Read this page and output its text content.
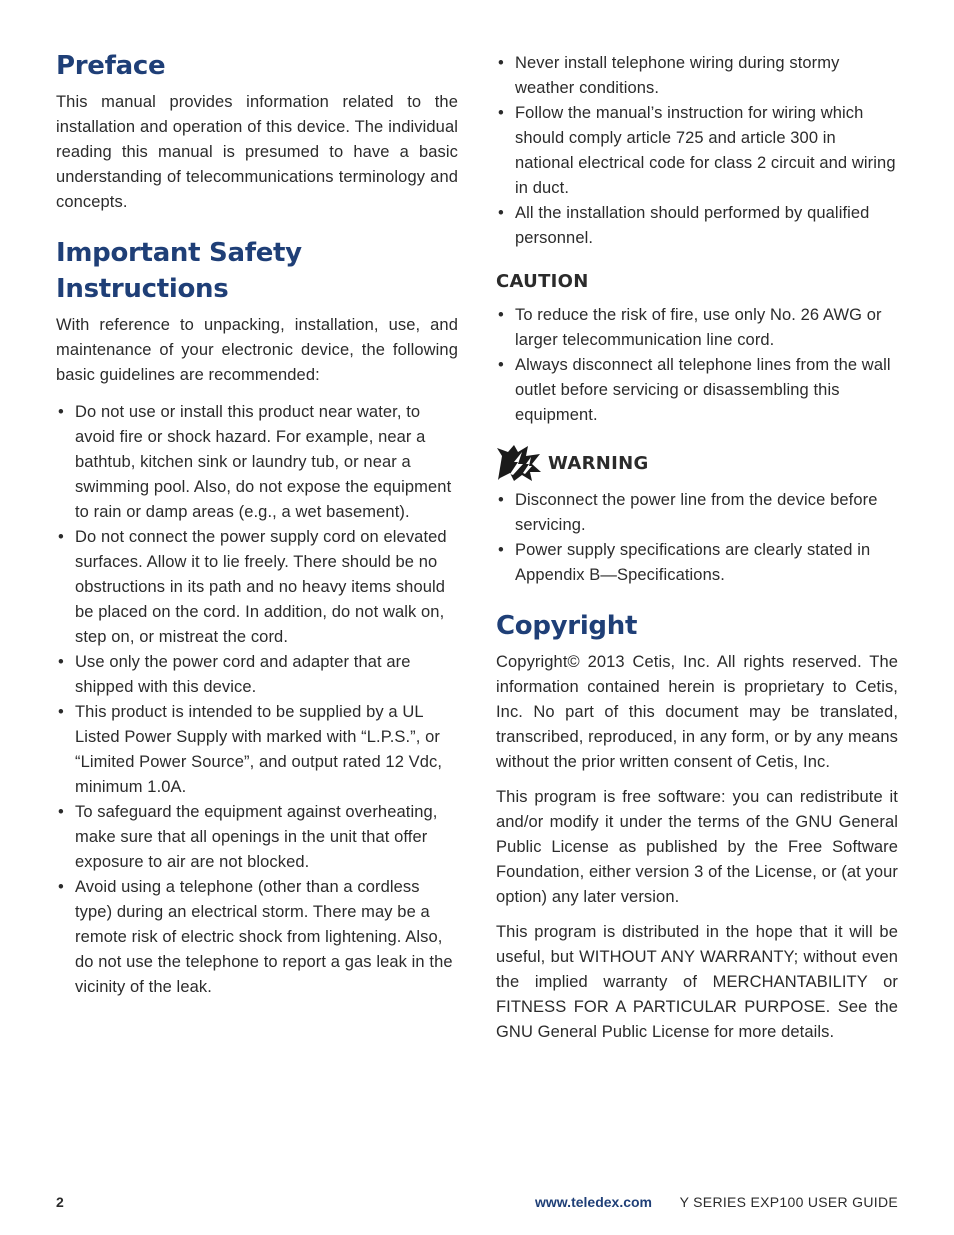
Preface

This manual provides information related to the installation and operation of this device. The individual reading this manual is presumed to have a basic understanding of telecommunications terminology and concepts.

Important Safety Instructions

With reference to unpacking, installation, use, and maintenance of your electronic device, the following basic guidelines are recommended:

• Do not use or install this product near water, to avoid fire or shock hazard. For example, near a bathtub, kitchen sink or laundry tub, or near a swimming pool. Also, do not expose the equipment to rain or damp areas (e.g., a wet basement).
• Do not connect the power supply cord on elevated surfaces. Allow it to lie freely. There should be no obstructions in its path and no heavy items should be placed on the cord. In addition, do not walk on, step on, or mistreat the cord.
• Use only the power cord and adapter that are shipped with this device.
• This product is intended to be supplied by a UL Listed Power Supply with marked with “L.P.S.”, or “Limited Power Source”, and output rated 12 Vdc, minimum 1.0A.
• To safeguard the equipment against overheating, make sure that all openings in the unit that offer exposure to air are not blocked.
• Avoid using a telephone (other than a cordless type) during an electrical storm. There may be a remote risk of electric shock from lightening. Also, do not use the telephone to report a gas leak in the vicinity of the leak.
• Never install telephone wiring during stormy weather conditions.
• Follow the manual’s instruction for wiring which should comply article 725 and article 300 in national electrical code for class 2 circuit and wiring in duct.
• All the installation should performed by qualified personnel.
CAUTION
• To reduce the risk of fire, use only No. 26 AWG or larger telecommunication line cord.
• Always disconnect all telephone lines from the wall outlet before servicing or disassembling this equipment.
WARNING
• Disconnect the power line from the device before servicing.
• Power supply specifications are clearly stated in Appendix B—Specifications.
Copyright

Copyright© 2013 Cetis, Inc. All rights reserved. The information contained herein is proprietary to Cetis, Inc. No part of this document may be translated, transcribed, reproduced, in any form, or by any means without the prior written consent of Cetis, Inc.

This program is free software: you can redistribute it and/or modify it under the terms of the GNU General Public License as published by the Free Software Foundation, either version 3 of the License, or (at your option) any later version.

This program is distributed in the hope that it will be useful, but WITHOUT ANY WARRANTY; without even the implied warranty of MERCHANTABILITY or FITNESS FOR A PARTICULAR PURPOSE. See the GNU General Public License for more details.

2	www.teledex.com Y SERIES EXP100 USER GUIDE
